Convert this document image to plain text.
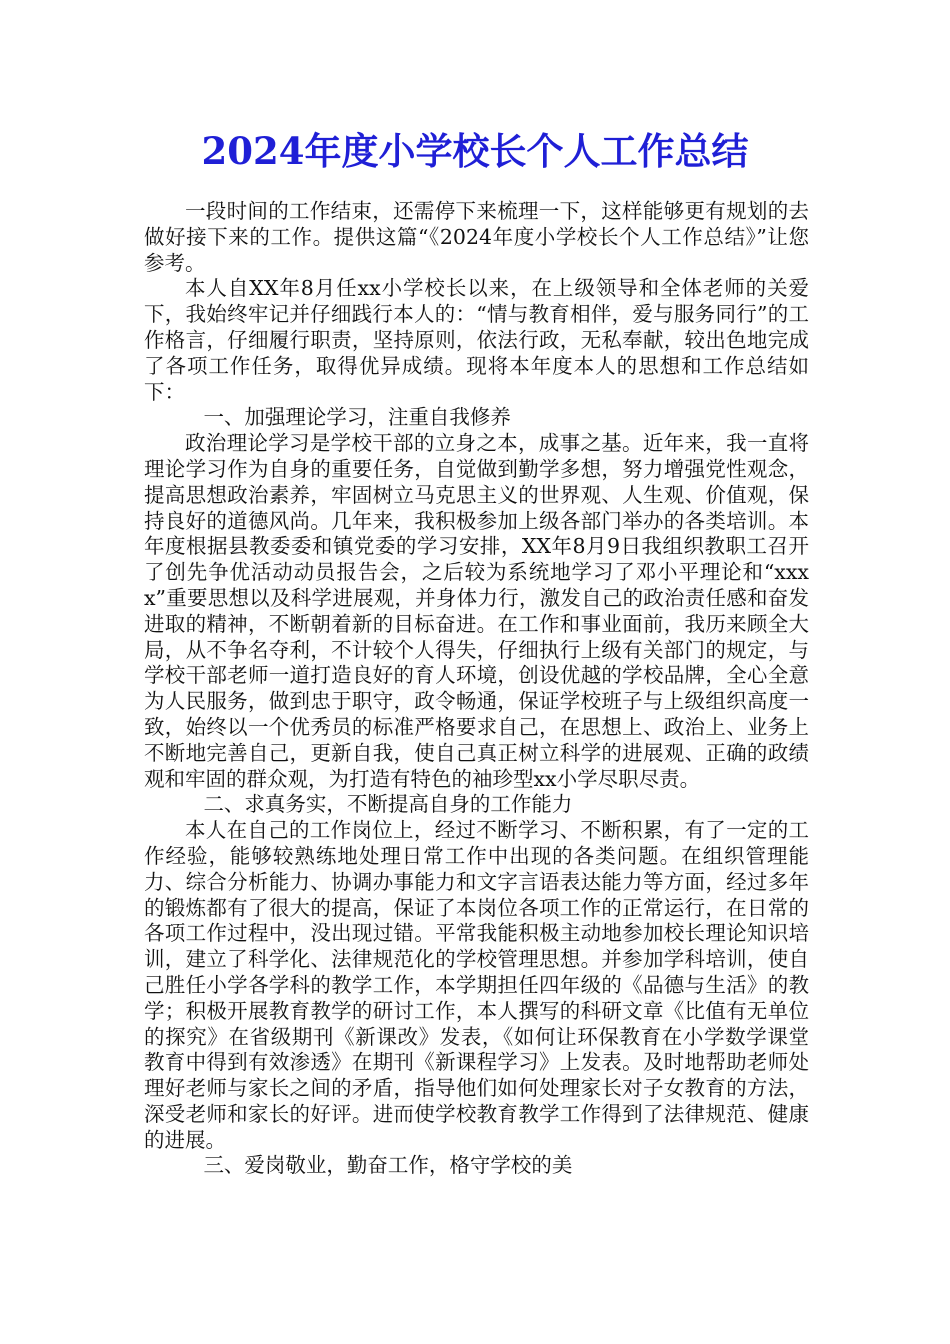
2024年度小学校长个人工作总结

一段时间的工作结束，还需停下来梳理一下，这样能够更有规划的去做好接下来的工作。提供这篇“《2024年度小学校长个人工作总结》”让您参考。

本人自XX年8月任xx小学校长以来，在上级领导和全体老师的关爱下，我始终牢记并仔细践行本人的：“情与教育相伴，爱与服务同行”的工作格言，仔细履行职责，坚持原则，依法行政，无私奉献，较出色地完成了各项工作任务，取得优异成绩。现将本年度本人的思想和工作总结如下：

一、加强理论学习，注重自我修养

政治理论学习是学校干部的立身之本，成事之基。近年来，我一直将理论学习作为自身的重要任务，自觉做到勤学多想，努力增强党性观念，提高思想政治素养，牢固树立马克思主义的世界观、人生观、价值观，保持良好的道德风尚。几年来，我积极参加上级各部门举办的各类培训。本年度根据县教委委和镇党委的学习安排，XX年8月9日我组织教职工召开了创先争优活动动员报告会，之后较为系统地学习了邓小平理论和“xxxx”重要思想以及科学进展观，并身体力行，激发自己的政治责任感和奋发进取的精神，不断朝着新的目标奋进。在工作和事业面前，我历来顾全大局，从不争名夺利，不计较个人得失，仔细执行上级有关部门的规定，与学校干部老师一道打造良好的育人环境，创设优越的学校品牌，全心全意为人民服务，做到忠于职守，政令畅通，保证学校班子与上级组织高度一致，始终以一个优秀员的标准严格要求自己，在思想上、政治上、业务上不断地完善自己，更新自我，使自己真正树立科学的进展观、正确的政绩观和牢固的群众观，为打造有特色的袖珍型xx小学尽职尽责。

二、求真务实，不断提高自身的工作能力

本人在自己的工作岗位上，经过不断学习、不断积累，有了一定的工作经验，能够较熟练地处理日常工作中出现的各类问题。在组织管理能力、综合分析能力、协调办事能力和文字言语表达能力等方面，经过多年的锻炼都有了很大的提高，保证了本岗位各项工作的正常运行，在日常的各项工作过程中，没出现过错。平常我能积极主动地参加校长理论知识培训，建立了科学化、法律规范化的学校管理思想。并参加学科培训，使自己胜任小学各学科的教学工作，本学期担任四年级的《品德与生活》的教学；积极开展教育教学的研讨工作，本人撰写的科研文章《比值有无单位的探究》在省级期刊《新课改》发表，《如何让环保教育在小学数学课堂教育中得到有效渗透》在期刊《新课程学习》上发表。及时地帮助老师处理好老师与家长之间的矛盾，指导他们如何处理家长对子女教育的方法，深受老师和家长的好评。进而使学校教育教学工作得到了法律规范、健康的进展。

三、爱岗敬业，勤奋工作，格守学校的美
